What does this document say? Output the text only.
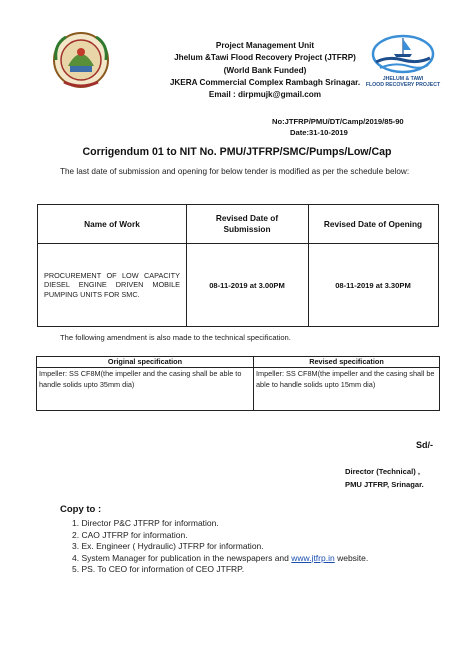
Project Management Unit
Jhelum &Tawi Flood Recovery Project (JTFRP)
(World Bank Funded)
JKERA Commercial Complex Rambagh Srinagar.
Email : dirpmujk@gmail.com
JHELUM & TAWI
FLOOD RECOVERY PROJECT
No:JTFRP/PMU/DT/Camp/2019/85-90
Date:31-10-2019
Corrigendum 01 to NIT No. PMU/JTFRP/SMC/Pumps/Low/Cap
The last date of submission and opening for below tender is modified as per the schedule below:
Name of Work
Revised Date of Submission
Revised Date of Opening
PROCUREMENT OF LOW CAPACITY DIESEL ENGINE DRIVEN MOBILE PUMPING UNITS FOR SMC.
08-11-2019 at 3.00PM	08-11-2019 at 3.30PM
The following amendment is also made to the technical specification.
Original specification
Impeller: SS CF8M(the impeller and the casing shall be able to handle solids upto 35mm dia)
Revised specification
Impeller: SS CF8M(the impeller and the casing shall be able to handle solids upto 15mm dia)
Sd/-
Director (Technical) ,
PMU JTFRP, Srinagar.
Copy to :
1. Director P&C JTFRP for information.
2. CAO JTFRP for information.
3. Ex. Engineer ( Hydraulic) JTFRP for information.
4. System Manager for publication in the newspapers and www.jtfrp.in website.
5. PS. To CEO for information of CEO JTFRP.
